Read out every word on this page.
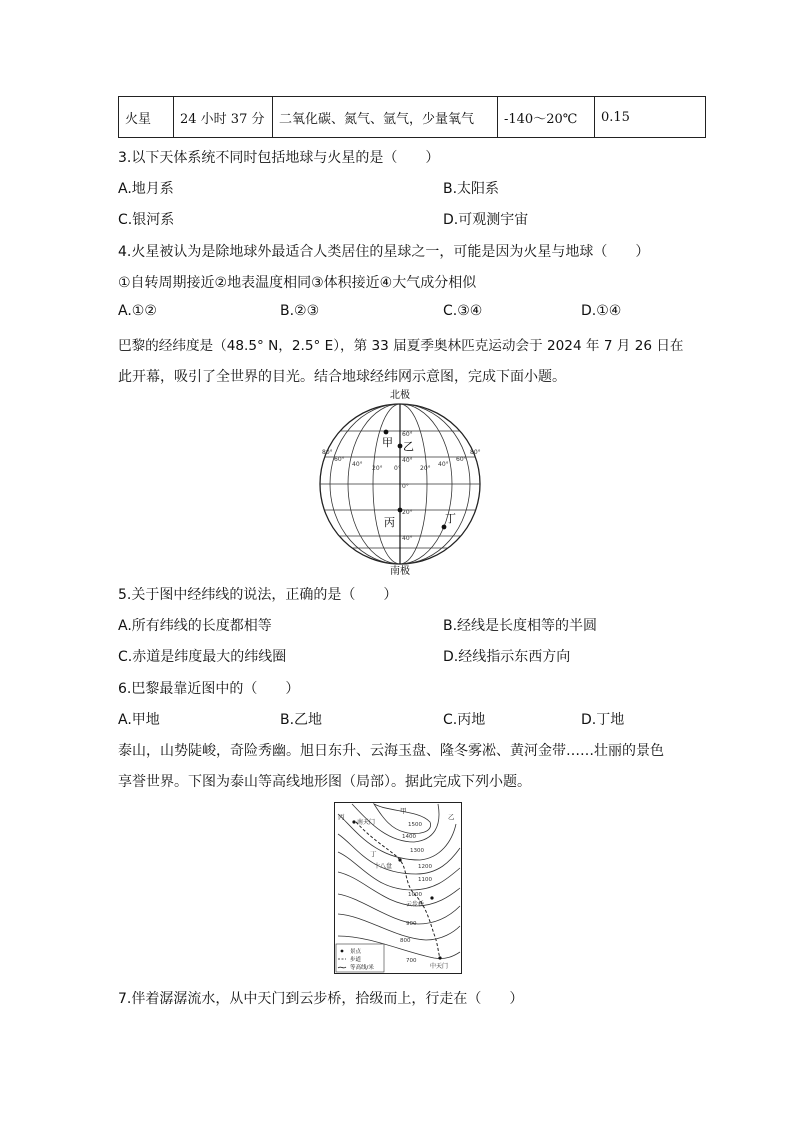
火星	24 小时 37 分	二氧化碳、氮气、氩气，少量氧气	-140～20℃	0.15
3.以下天体系统不同时包括地球与火星的是（　　）
A.地月系	B.太阳系
C.银河系	D.可观测宇宙
4.火星被认为是除地球外最适合人类居住的星球之一，可能是因为火星与地球（　　）
①自转周期接近②地表温度相同③体积接近④大气成分相似
A.①②	B.②③	C.③④	D.①④
巴黎的经纬度是（48.5° N，2.5° E），第 33 届夏季奥林匹克运动会于 2024 年 7 月 26 日在
此开幕，吸引了全世界的目光。结合地球经纬网示意图，完成下面小题。
北极
南极
60°
40°
0°
20°
40°
80°
60°
40°
20° 0°	20°
40°
60°
80°
甲 乙
丙	丁
5.关于图中经纬线的说法，正确的是（　　）
A.所有纬线的长度都相等	B.经线是长度相等的半圆
C.赤道是纬度最大的纬线圈	D.经线指示东西方向
6.巴黎最靠近图中的（　　）
A.甲地	B.乙地	C.丙地	D.丁地
泰山，山势陡峻，奇险秀幽。旭日东升、云海玉盘、隆冬雾凇、黄河金带……壮丽的景色
享誉世界。下图为泰山等高线地形图（局部）。据此完成下列小题。
甲
乙
丙
丁
南天门
十八盘
云步桥
中天门
1500
1400
1300
1200
1100
1000
900
800
700
景点
步道
等高线/米
7.伴着潺潺流水，从中天门到云步桥，拾级而上，行走在（　　）
